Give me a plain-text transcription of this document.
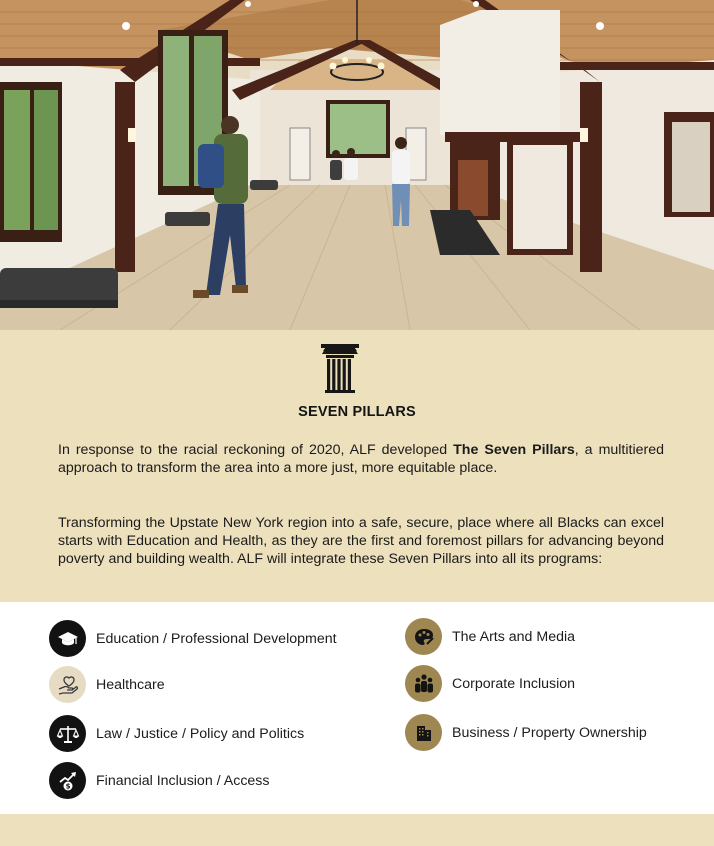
SEVEN PILLARS

In response to the racial reckoning of 2020, ALF developed The Seven Pillars, a multitiered approach to transform the area into a more just, more equitable place.

Transforming the Upstate New York region into a safe, secure, place where all Blacks can excel starts with Education and Health, as they are the first and foremost pillars for advancing beyond poverty and building wealth. ALF will integrate these Seven Pillars into all its programs:

Education / Professional Development	The Arts and Media
Healthcare	Corporate Inclusion
Law / Justice / Policy and Politics	Business / Property Ownership
$ Financial Inclusion / Access
